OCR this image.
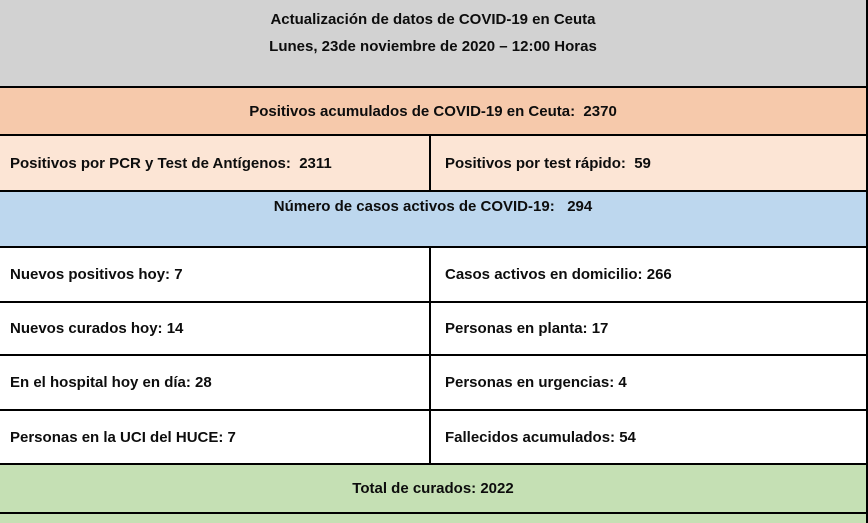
Actualización de datos de COVID-19 en Ceuta
Lunes, 23de noviembre de 2020 – 12:00 Horas
Positivos acumulados de COVID-19 en Ceuta:  2370
Positivos por PCR y Test de Antígenos:  2311	Positivos por test rápido:  59
Número de casos activos de COVID-19:   294
Nuevos positivos hoy: 7	Casos activos en domicilio: 266
Nuevos curados hoy: 14	Personas en planta: 17
En el hospital hoy en día: 28	Personas en urgencias: 4
Personas en la UCI del HUCE: 7	Fallecidos acumulados: 54
Total de curados: 2022
